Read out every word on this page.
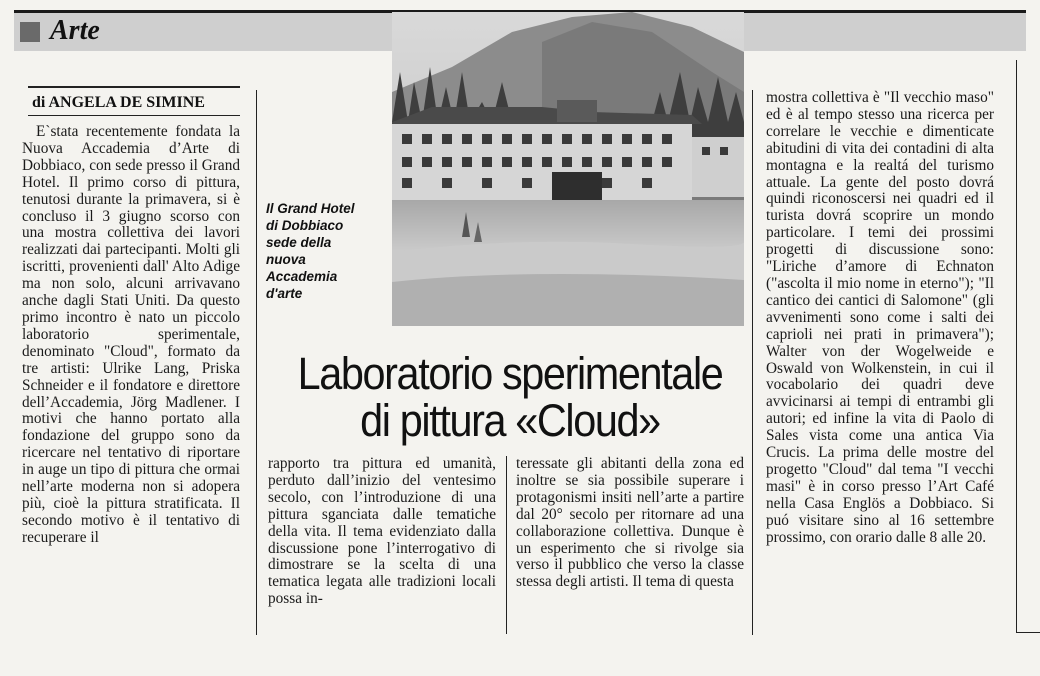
Arte
di ANGELA DE SIMINE

E`stata recentemente fondata la Nuova Accademia d’Arte di Dobbiaco, con sede presso il Grand Hotel. Il primo corso di pittura, tenutosi durante la primavera, si è concluso il 3 giugno scorso con una mostra collettiva dei lavori realizzati dai partecipanti. Molti gli iscritti, provenienti dall' Alto Adige ma non solo, alcuni arrivavano anche dagli Stati Uniti. Da questo primo incontro è nato un piccolo laboratorio sperimentale, denominato "Cloud", formato da tre artisti: Ulrike Lang, Priska Schneider e il fondatore e direttore dell’Accademia, Jörg Madlener. I motivi che hanno portato alla fondazione del gruppo sono da ricercare nel tentativo di riportare in auge un tipo di pittura che ormai nell’arte moderna non si adopera più, cioè la pittura stratificata. Il secondo motivo è il tentativo di recuperare il

Il Grand Hotel
di Dobbiaco
sede della
nuova
Accademia
d'arte
Laboratorio sperimentale
di pittura «Cloud»

rapporto tra pittura ed umanità, perduto dall’inizio del ventesimo secolo, con l’introduzione di una pittura sganciata dalle tematiche della vita. Il tema evidenziato dalla discussione pone l’interrogativo di dimostrare se la scelta di una tematica legata alle tradizioni locali possa in-

teressate gli abitanti della zona ed inoltre se sia possibile superare i protagonismi insiti nell’arte a partire dal 20° secolo per ritornare ad una collaborazione collettiva. Dunque è un esperimento che si rivolge sia verso il pubblico che verso la classe stessa degli artisti. Il tema di questa

mostra collettiva è "Il vecchio maso" ed è al tempo stesso una ricerca per correlare le vecchie e dimenticate abitudini di vita dei contadini di alta montagna e la realtá del turismo attuale. La gente del posto dovrá quindi riconoscersi nei quadri ed il turista dovrá scoprire un mondo particolare. I temi dei prossimi progetti di discussione sono: "Liriche d’amore di Echnaton ("ascolta il mio nome in eterno"); "Il cantico dei cantici di Salomone" (gli avvenimenti sono come i salti dei caprioli nei prati in primavera"); Walter von der Wogelweide e Oswald von Wolkenstein, in cui il vocabolario dei quadri deve avvicinarsi ai tempi di entrambi gli autori; ed infine la vita di Paolo di Sales vista come una antica Via Crucis. La prima delle mostre del progetto "Cloud" dal tema "I vecchi masi" è in corso presso l’Art Café nella Casa Englös a Dobbiaco. Si puó visitare sino al 16 settembre prossimo, con orario dalle 8 alle 20.
